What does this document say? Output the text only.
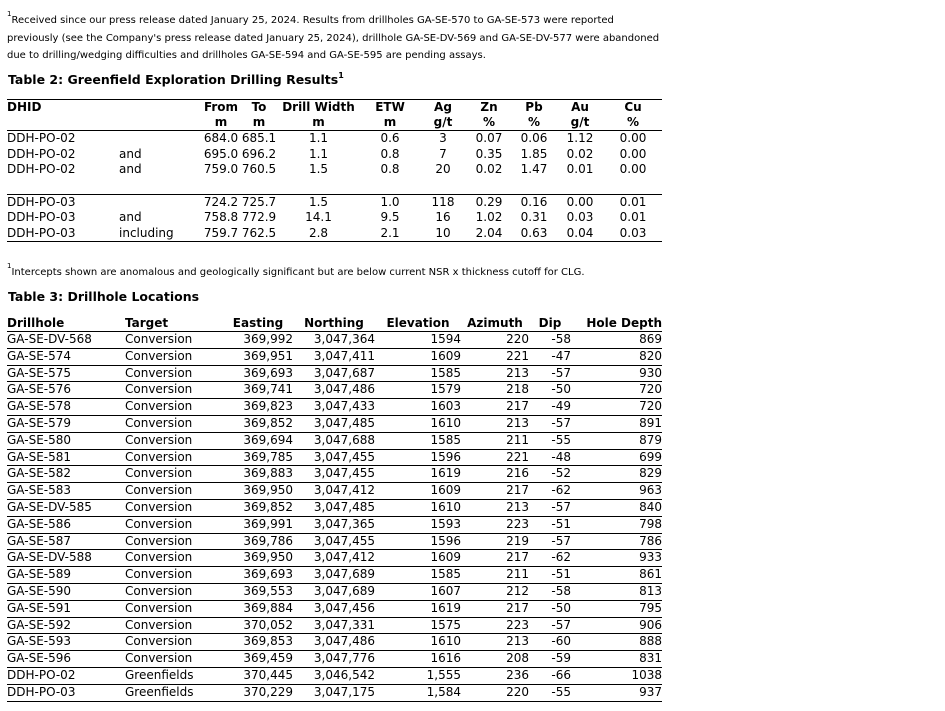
$^1$Received since our press release dated January 25, 2024. Results from drillholes GA-SE-570 to GA-SE-573 were reported previously (see the Company's press release dated January 25, 2024), drillhole GA-SE-DV-569 and GA-SE-DV-577 were abandoned due to drilling/wedging difficulties and drillholes GA-SE-594 and GA-SE-595 are pending assays.
Table 2: Greenfield Exploration Drilling Results$^1$
DHID		From	To	Drill Width	ETW	Ag	Zn	Pb	Au	Cu
		m	m	m	m	g/t	%	%	g/t	%
DDH-PO-02		684.0	685.1	1.1	0.6	3	0.07	0.06	1.12	0.00
DDH-PO-02	and	695.0	696.2	1.1	0.8	7	0.35	1.85	0.02	0.00
DDH-PO-02	and	759.0	760.5	1.5	0.8	20	0.02	1.47	0.01	0.00

DDH-PO-03		724.2	725.7	1.5	1.0	118	0.29	0.16	0.00	0.01
DDH-PO-03	and	758.8	772.9	14.1	9.5	16	1.02	0.31	0.03	0.01
DDH-PO-03	including	759.7	762.5	2.8	2.1	10	2.04	0.63	0.04	0.03
$^1$Intercepts shown are anomalous and geologically significant but are below current NSR x thickness cutoff for CLG.
Table 3: Drillhole Locations
Drillhole	Target	Easting	Northing	Elevation	Azimuth	Dip	Hole Depth
GA-SE-DV-568	Conversion	369,992	3,047,364	1594	220	-58	869
GA-SE-574	Conversion	369,951	3,047,411	1609	221	-47	820
GA-SE-575	Conversion	369,693	3,047,687	1585	213	-57	930
GA-SE-576	Conversion	369,741	3,047,486	1579	218	-50	720
GA-SE-578	Conversion	369,823	3,047,433	1603	217	-49	720
GA-SE-579	Conversion	369,852	3,047,485	1610	213	-57	891
GA-SE-580	Conversion	369,694	3,047,688	1585	211	-55	879
GA-SE-581	Conversion	369,785	3,047,455	1596	221	-48	699
GA-SE-582	Conversion	369,883	3,047,455	1619	216	-52	829
GA-SE-583	Conversion	369,950	3,047,412	1609	217	-62	963
GA-SE-DV-585	Conversion	369,852	3,047,485	1610	213	-57	840
GA-SE-586	Conversion	369,991	3,047,365	1593	223	-51	798
GA-SE-587	Conversion	369,786	3,047,455	1596	219	-57	786
GA-SE-DV-588	Conversion	369,950	3,047,412	1609	217	-62	933
GA-SE-589	Conversion	369,693	3,047,689	1585	211	-51	861
GA-SE-590	Conversion	369,553	3,047,689	1607	212	-58	813
GA-SE-591	Conversion	369,884	3,047,456	1619	217	-50	795
GA-SE-592	Conversion	370,052	3,047,331	1575	223	-57	906
GA-SE-593	Conversion	369,853	3,047,486	1610	213	-60	888
GA-SE-596	Conversion	369,459	3,047,776	1616	208	-59	831
DDH-PO-02	Greenfields	370,445	3,046,542	1,555	236	-66	1038
DDH-PO-03	Greenfields	370,229	3,047,175	1,584	220	-55	937
